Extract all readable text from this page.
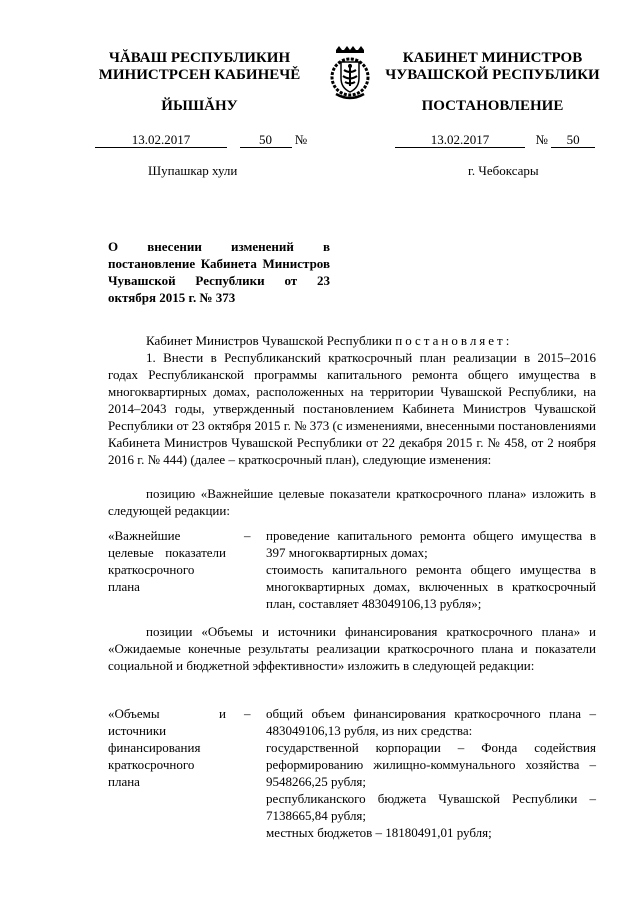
ЧĂВАШ РЕСПУБЛИКИН
МИНИСТРСЕН КАБИНЕЧĚ
КАБИНЕТ МИНИСТРОВ
ЧУВАШСКОЙ РЕСПУБЛИКИ
ЙЫШĂНУ	ПОСТАНОВЛЕНИЕ
13.02.2017	50 №	13.02.2017	№ 50
Шупашкар хули	г. Чебоксары
О внесении изменений в постановление Кабинета Министров Чувашской Республики от 23 октября 2015 г. № 373
Кабинет Министров Чувашской Республики постановляет:
1. Внести в Республиканский краткосрочный план реализации в 2015–2016 годах Республиканской программы капитального ремонта общего имущества в многоквартирных домах, расположенных на территории Чувашской Республики, на 2014–2043 годы, утвержденный постановлением Кабинета Министров Чувашской Республики от 23 октября 2015 г. № 373 (с изменениями, внесенными постановлениями Кабинета Министров Чувашской Республики от 22 декабря 2015 г. № 458, от 2 ноября 2016 г. № 444) (далее – краткосрочный план), следующие изменения:
позицию «Важнейшие целевые показатели краткосрочного плана» изложить в следующей редакции:
«Важнейшие целевые показатели краткосрочного плана
– проведение капитального ремонта общего имущества в 397 многоквартирных домах;
стоимость капитального ремонта общего имущества в многоквартирных домах, включенных в краткосрочный план, составляет 483049106,13 рубля»;
позиции «Объемы и источники финансирования краткосрочного плана» и «Ожидаемые конечные результаты реализации краткосрочного плана и показатели социальной и бюджетной эффективности» изложить в следующей редакции:
«Объемы и источники финансирования краткосрочного плана
– общий объем финансирования краткосрочного плана – 483049106,13 рубля, из них средства:
государственной корпорации – Фонда содействия реформированию жилищно-коммунального хозяйства – 9548266,25 рубля;
республиканского бюджета Чувашской Республики – 7138665,84 рубля;
местных бюджетов – 18180491,01 рубля;
